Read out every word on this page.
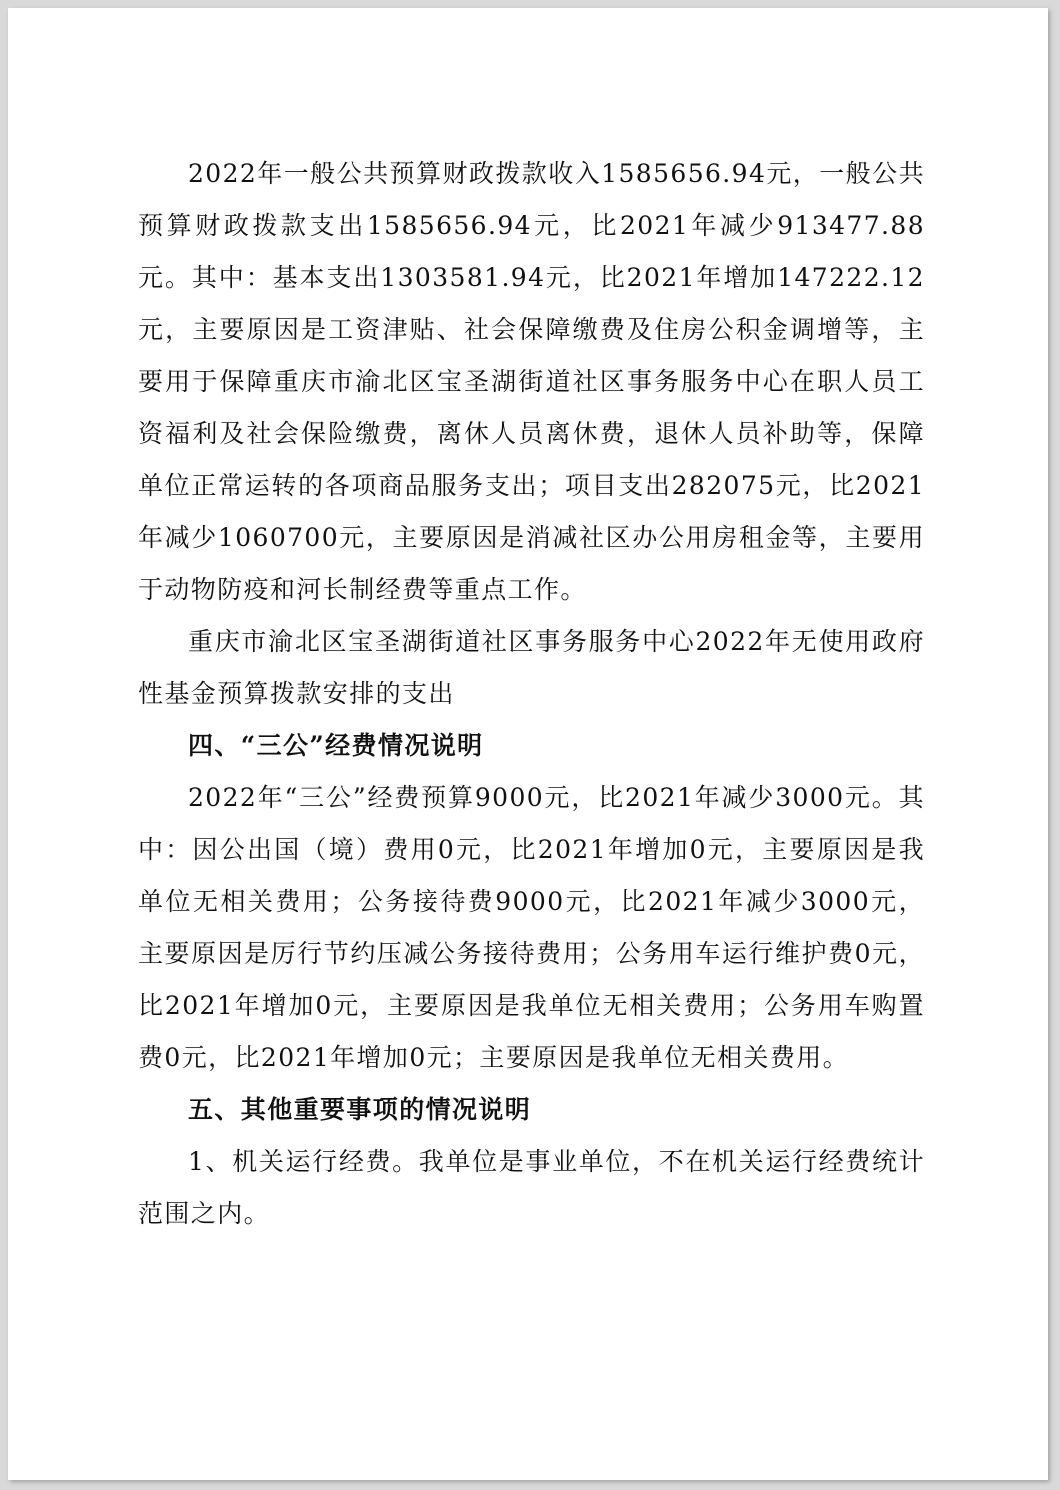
2022年一般公共预算财政拨款收入1585656.94元，一般公共预算财政拨款支出1585656.94元，比2021年减少913477.88元。其中：基本支出1303581.94元，比2021年增加147222.12元，主要原因是工资津贴、社会保障缴费及住房公积金调增等，主要用于保障重庆市渝北区宝圣湖街道社区事务服务中心在职人员工资福利及社会保险缴费，离休人员离休费，退休人员补助等，保障单位正常运转的各项商品服务支出；项目支出282075元，比2021年减少1060700元，主要原因是消减社区办公用房租金等，主要用于动物防疫和河长制经费等重点工作。

重庆市渝北区宝圣湖街道社区事务服务中心2022年无使用政府性基金预算拨款安排的支出

四、“三公”经费情况说明

2022年“三公”经费预算9000元，比2021年减少3000元。其中：因公出国（境）费用0元，比2021年增加0元，主要原因是我单位无相关费用；公务接待费9000元，比2021年减少3000元，主要原因是厉行节约压减公务接待费用；公务用车运行维护费0元，比2021年增加0元，主要原因是我单位无相关费用；公务用车购置费0元，比2021年增加0元；主要原因是我单位无相关费用。

五、其他重要事项的情况说明

1、机关运行经费。我单位是事业单位，不在机关运行经费统计范围之内。
